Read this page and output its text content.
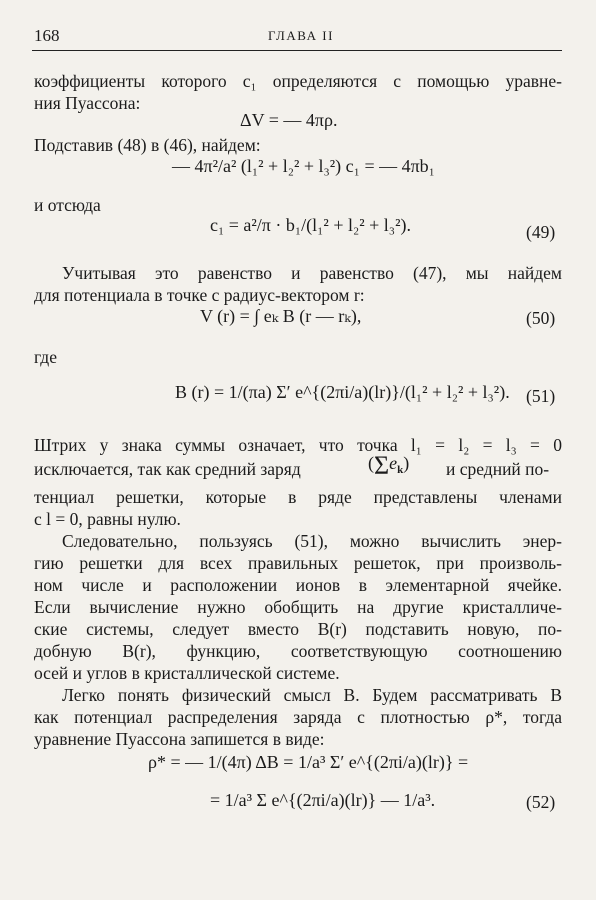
168	ГЛАВА II
коэффициенты которого c₁ определяются с помощью уравне-
ния Пуассона:
ΔV = — 4πρ.
Подставив (48) в (46), найдем:
— 4π²/a² (l₁² + l₂² + l₃²) c₁ = — 4πb₁
и отсюда
c₁ = a²/π · b₁/(l₁² + l₂² + l₃²).	(49)
Учитывая это равенство и равенство (47), мы найдем
для потенциала в точке с радиус-вектором r:
V (r) = ∫ eₖ B (r — rₖ),	(50)
где
B (r) = 1/(πa) Σ′ e^{(2πi/a)(lr)}/(l₁² + l₂² + l₃²). (51)
Штрих у знака суммы означает, что точка l₁ = l₂ = l₃ = 0
исключается, так как средний заряд	$(\Sigma e_k)$ и средний по-
тенциал решетки, которые в ряде представлены членами
с l = 0, равны нулю.
Следовательно, пользуясь (51), можно вычислить энер-
гию решетки для всех правильных решеток, при произволь-
ном числе и расположении ионов в элементарной ячейке.
Если вычисление нужно обобщить на другие кристалличе-
ские системы, следует вместо B(r) подставить новую, по-
добную B(r), функцию, соответствующую соотношению
осей и углов в кристаллической системе.
Легко понять физический смысл B. Будем рассматривать B
как потенциал распределения заряда с плотностью ρ*, тогда
уравнение Пуассона запишется в виде:
ρ* = — 1/(4π) ΔB = 1/a³ Σ′ e^{(2πi/a)(lr)} =
= 1/a³ Σ e^{(2πi/a)(lr)} — 1/a³.	(52)
